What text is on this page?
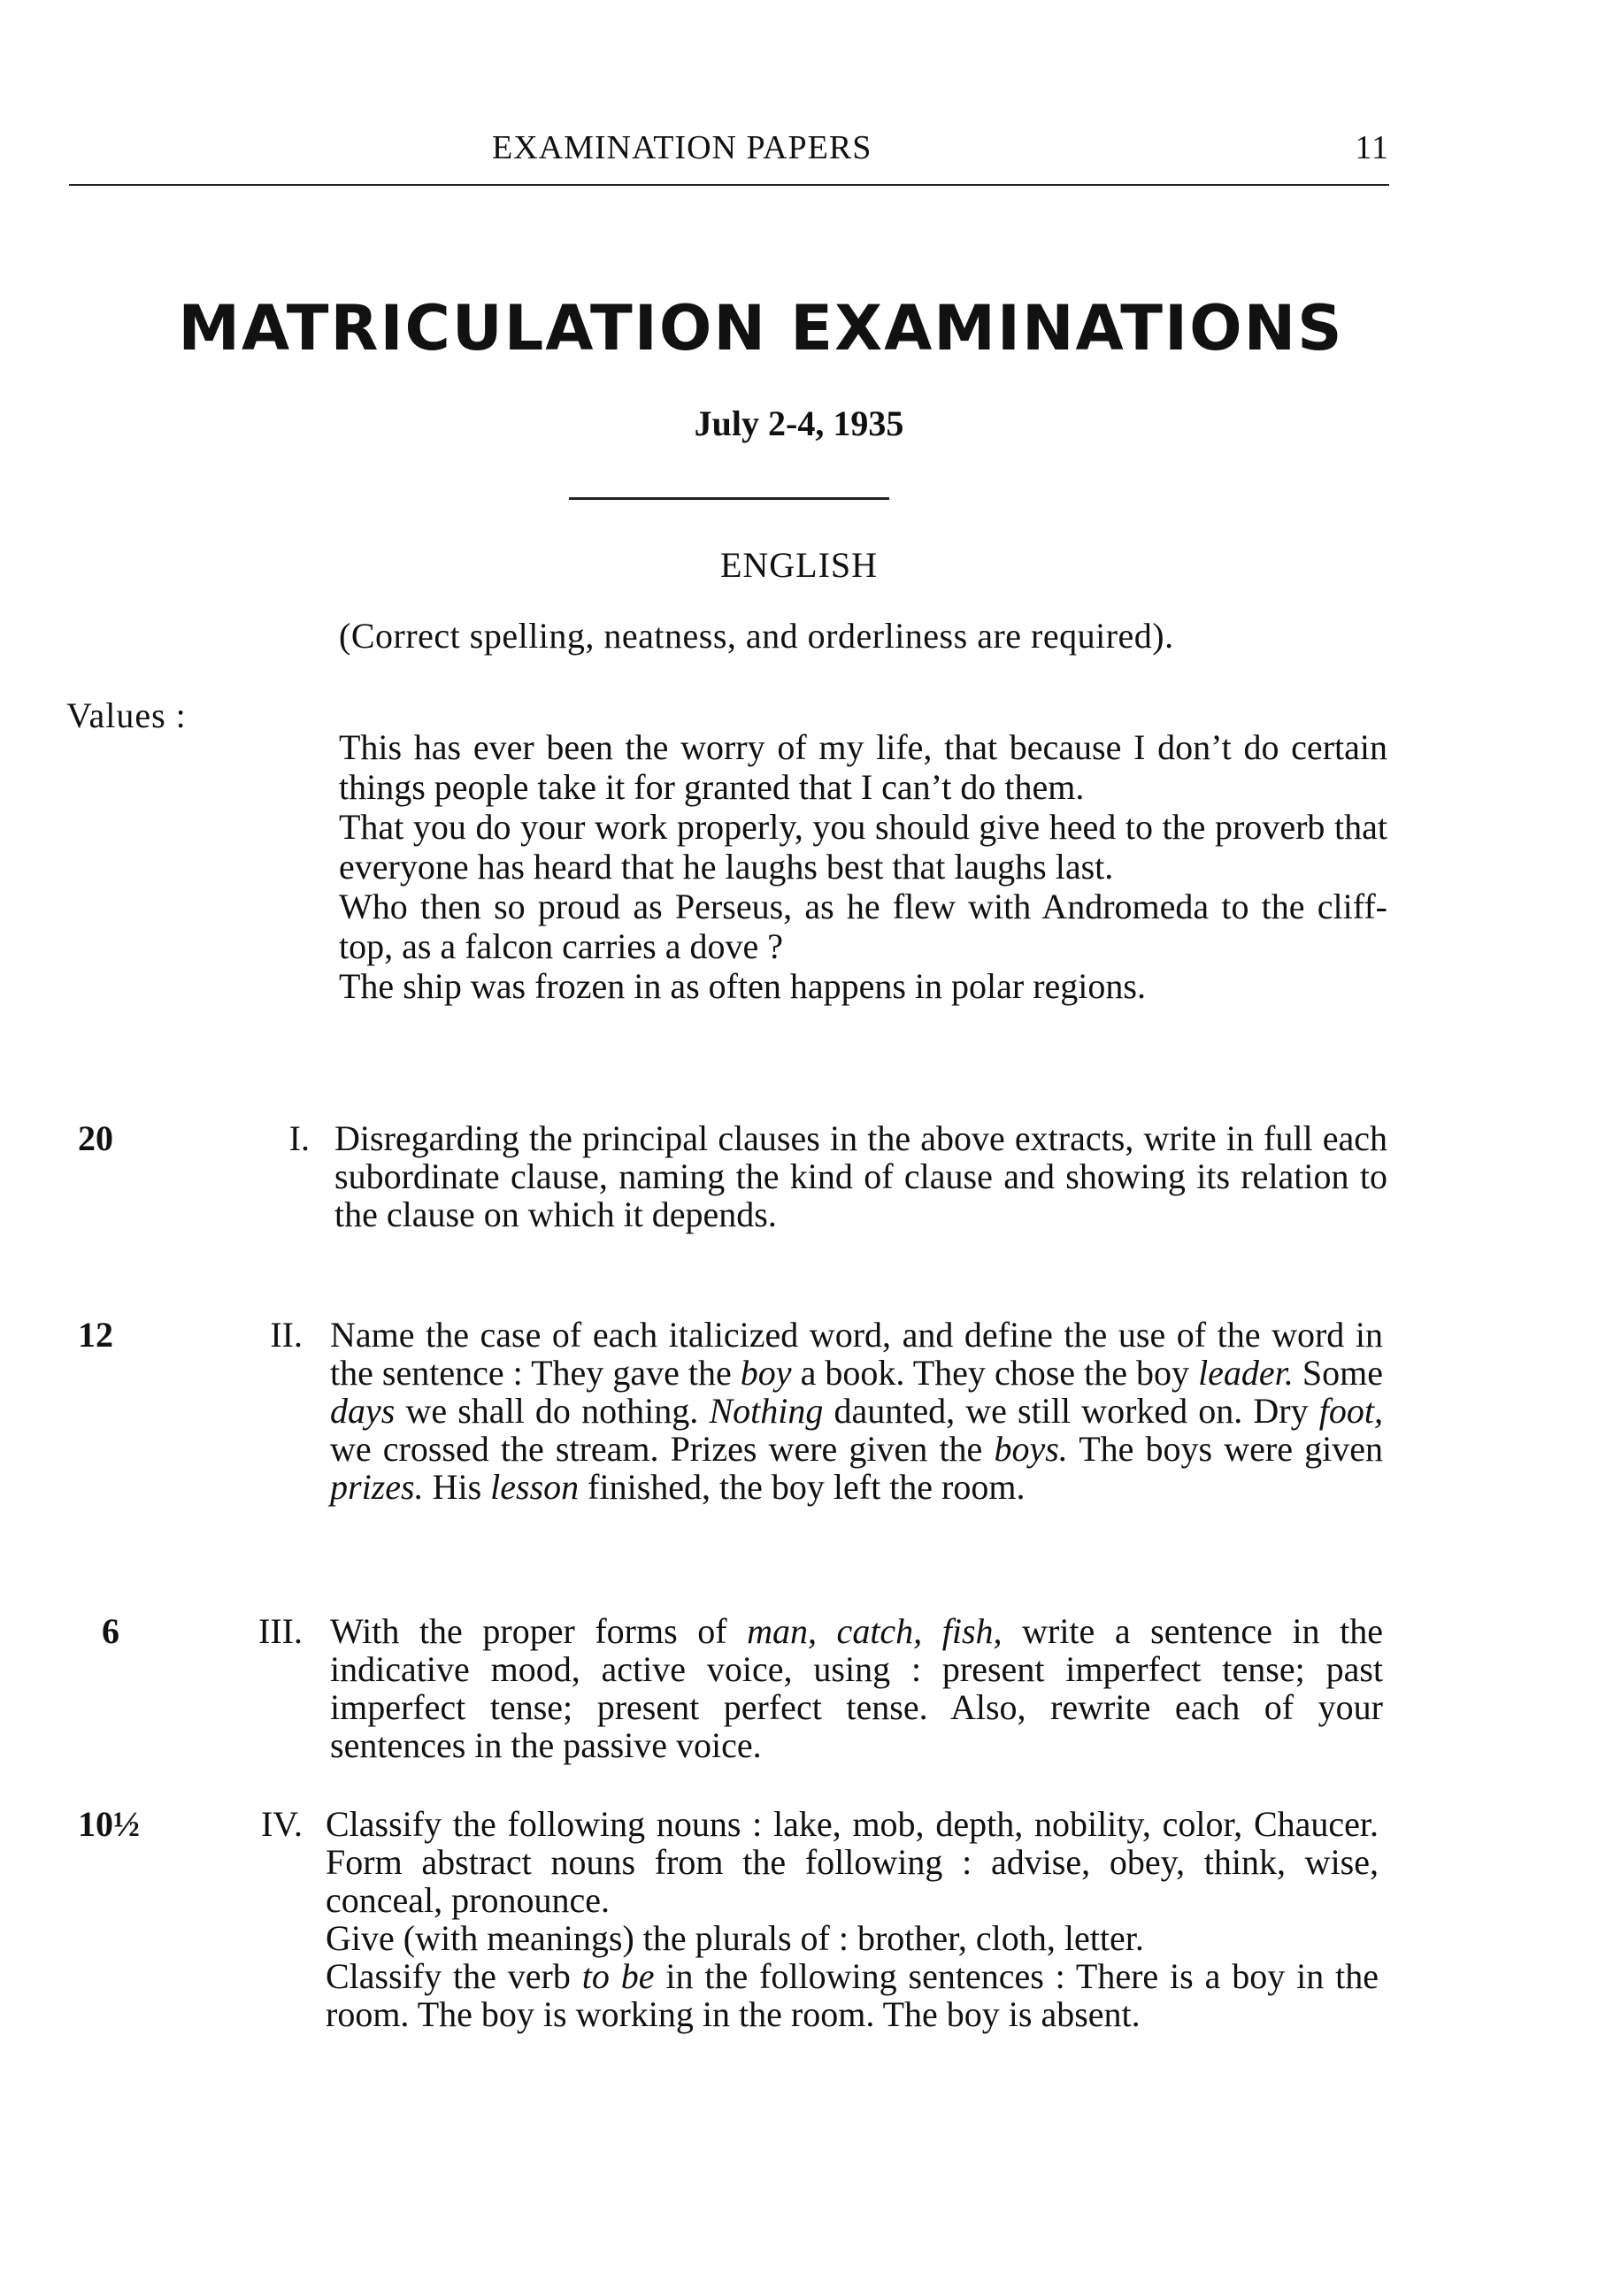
EXAMINATION PAPERS	11
MATRICULATION EXAMINATIONS
July 2-4, 1935
ENGLISH
(Correct spelling, neatness, and orderliness are required).
Values :

This has ever been the worry of my life, that because I don’t do certain things people take it for granted that I can’t do them.

That you do your work properly, you should give heed to the proverb that everyone has heard that he laughs best that laughs last.

Who then so proud as Perseus, as he flew with Andromeda to the cliff-top, as a falcon carries a dove ?

The ship was frozen in as often happens in polar regions.

20	I. Disregarding the principal clauses in the above extracts, write in full each subordinate clause, naming the kind of clause and showing its relation to the clause on which it depends.
12	II. Name the case of each italicized word, and define the use of the word in the sentence : They gave the boy a book. They chose the boy leader. Some days we shall do nothing. Nothing daunted, we still worked on. Dry foot, we crossed the stream. Prizes were given the boys. The boys were given prizes. His lesson finished, the boy left the room.
6	III. With the proper forms of man, catch, fish, write a sentence in the indicative mood, active voice, using : present imperfect tense; past imperfect tense; present perfect tense. Also, rewrite each of your sentences in the passive voice.
10½	IV. Classify the following nouns : lake, mob, depth, nobility, color, Chaucer. Form abstract nouns from the following : advise, obey, think, wise, conceal, pronounce.

Give (with meanings) the plurals of : brother, cloth, letter.

Classify the verb to be in the following sentences : There is a boy in the room. The boy is working in the room. The boy is absent.
